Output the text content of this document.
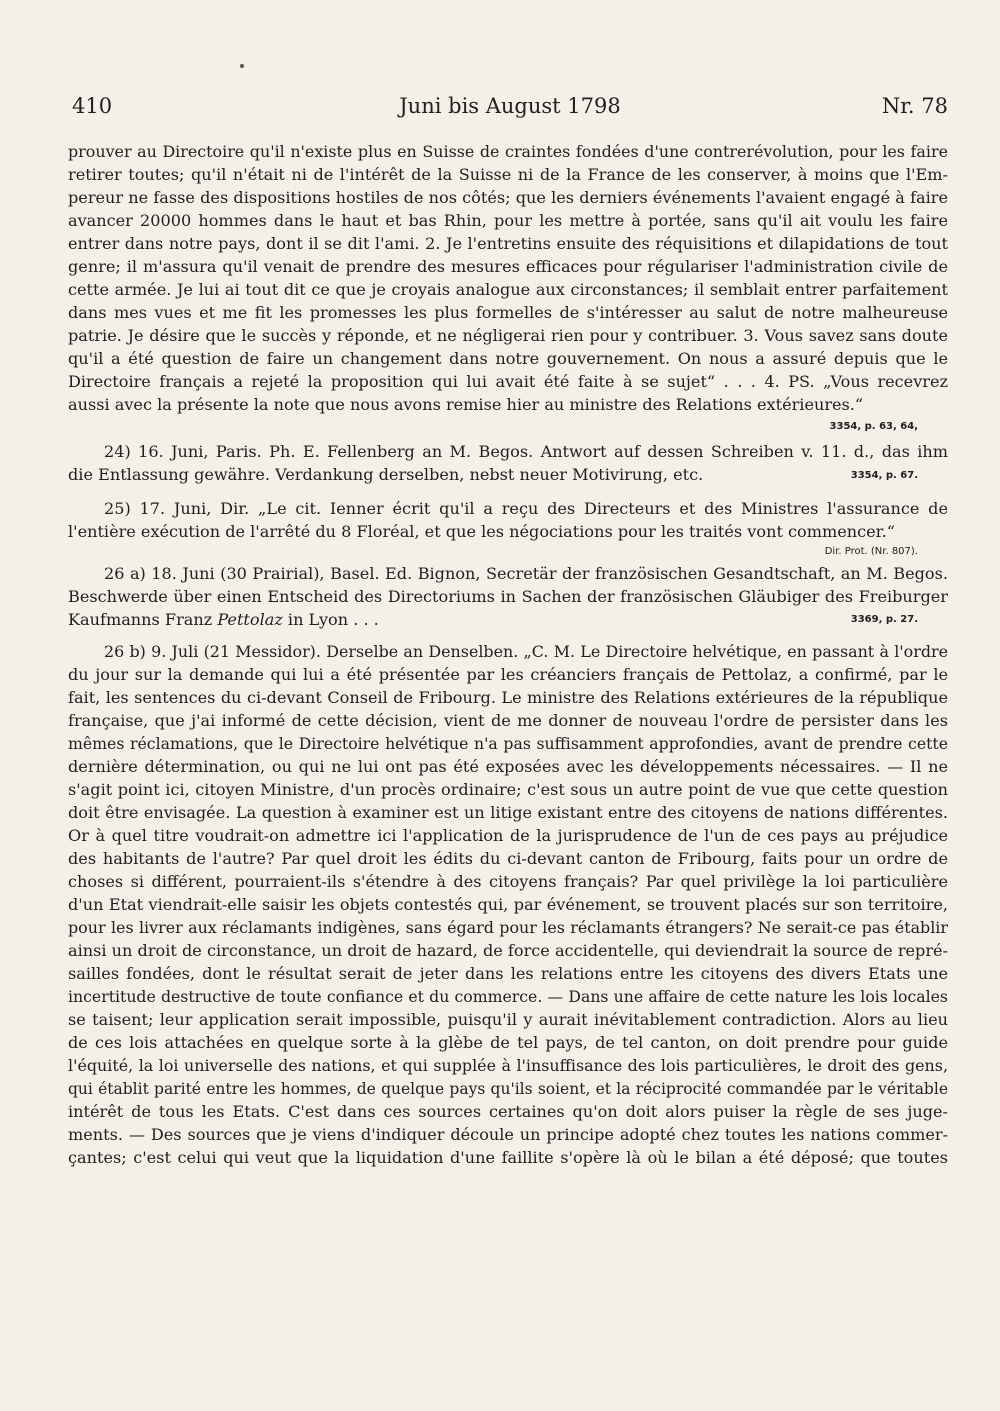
410	Juni bis August 1798	Nr. 78
prouver au Directoire qu'il n'existe plus en Suisse de craintes fondées d'une contrerévolution, pour les faire
retirer toutes; qu'il n'était ni de l'intérêt de la Suisse ni de la France de les conserver, à moins que l'Em-
pereur ne fasse des dispositions hostiles de nos côtés; que les derniers événements l'avaient engagé à faire
avancer 20000 hommes dans le haut et bas Rhin, pour les mettre à portée, sans qu'il ait voulu les faire
entrer dans notre pays, dont il se dit l'ami. 2. Je l'entretins ensuite des réquisitions et dilapidations de tout
genre; il m'assura qu'il venait de prendre des mesures efficaces pour régulariser l'administration civile de
cette armée. Je lui ai tout dit ce que je croyais analogue aux circonstances; il semblait entrer parfaitement
dans mes vues et me fit les promesses les plus formelles de s'intéresser au salut de notre malheureuse
patrie. Je désire que le succès y réponde, et ne négligerai rien pour y contribuer. 3. Vous savez sans doute
qu'il a été question de faire un changement dans notre gouvernement. On nous a assuré depuis que le
Directoire français a rejeté la proposition qui lui avait été faite à se sujet“ . . . 4. PS. „Vous recevrez
aussi avec la présente la note que nous avons remise hier au ministre des Relations extérieures.“
3354, p. 63, 64,
24) 16. Juni, Paris. Ph. E. Fellenberg an M. Begos. Antwort auf dessen Schreiben v. 11. d., das ihm
die Entlassung gewähre. Verdankung derselben, nebst neuer Motivirung, etc.	3354, p. 67.
25) 17. Juni, Dir. „Le cit. Ienner écrit qu'il a reçu des Directeurs et des Ministres l'assurance de
l'entière exécution de l'arrêté du 8 Floréal, et que les négociations pour les traités vont commencer.“
Dir. Prot. (Nr. 807).
26 a) 18. Juni (30 Prairial), Basel. Ed. Bignon, Secretär der französischen Gesandtschaft, an M. Begos.
Beschwerde über einen Entscheid des Directoriums in Sachen der französischen Gläubiger des Freiburger
Kaufmanns Franz Pettolaz in Lyon . . .	3369, p. 27.
26 b) 9. Juli (21 Messidor). Derselbe an Denselben. „C. M. Le Directoire helvétique, en passant à l'ordre
du jour sur la demande qui lui a été présentée par les créanciers français de Pettolaz, a confirmé, par le
fait, les sentences du ci-devant Conseil de Fribourg. Le ministre des Relations extérieures de la république
française, que j'ai informé de cette décision, vient de me donner de nouveau l'ordre de persister dans les
mêmes réclamations, que le Directoire helvétique n'a pas suffisamment approfondies, avant de prendre cette
dernière détermination, ou qui ne lui ont pas été exposées avec les développements nécessaires. — Il ne
s'agit point ici, citoyen Ministre, d'un procès ordinaire; c'est sous un autre point de vue que cette question
doit être envisagée. La question à examiner est un litige existant entre des citoyens de nations différentes.
Or à quel titre voudrait-on admettre ici l'application de la jurisprudence de l'un de ces pays au préjudice
des habitants de l'autre? Par quel droit les édits du ci-devant canton de Fribourg, faits pour un ordre de
choses si différent, pourraient-ils s'étendre à des citoyens français? Par quel privilège la loi particulière
d'un Etat viendrait-elle saisir les objets contestés qui, par événement, se trouvent placés sur son territoire,
pour les livrer aux réclamants indigènes, sans égard pour les réclamants étrangers? Ne serait-ce pas établir
ainsi un droit de circonstance, un droit de hazard, de force accidentelle, qui deviendrait la source de repré-
sailles fondées, dont le résultat serait de jeter dans les relations entre les citoyens des divers Etats une
incertitude destructive de toute confiance et du commerce. — Dans une affaire de cette nature les lois locales
se taisent; leur application serait impossible, puisqu'il y aurait inévitablement contradiction. Alors au lieu
de ces lois attachées en quelque sorte à la glèbe de tel pays, de tel canton, on doit prendre pour guide
l'équité, la loi universelle des nations, et qui supplée à l'insuffisance des lois particulières, le droit des gens,
qui établit parité entre les hommes, de quelque pays qu'ils soient, et la réciprocité commandée par le véritable
intérêt de tous les Etats. C'est dans ces sources certaines qu'on doit alors puiser la règle de ses juge-
ments. — Des sources que je viens d'indiquer découle un principe adopté chez toutes les nations commer-
çantes; c'est celui qui veut que la liquidation d'une faillite s'opère là où le bilan a été déposé; que toutes
